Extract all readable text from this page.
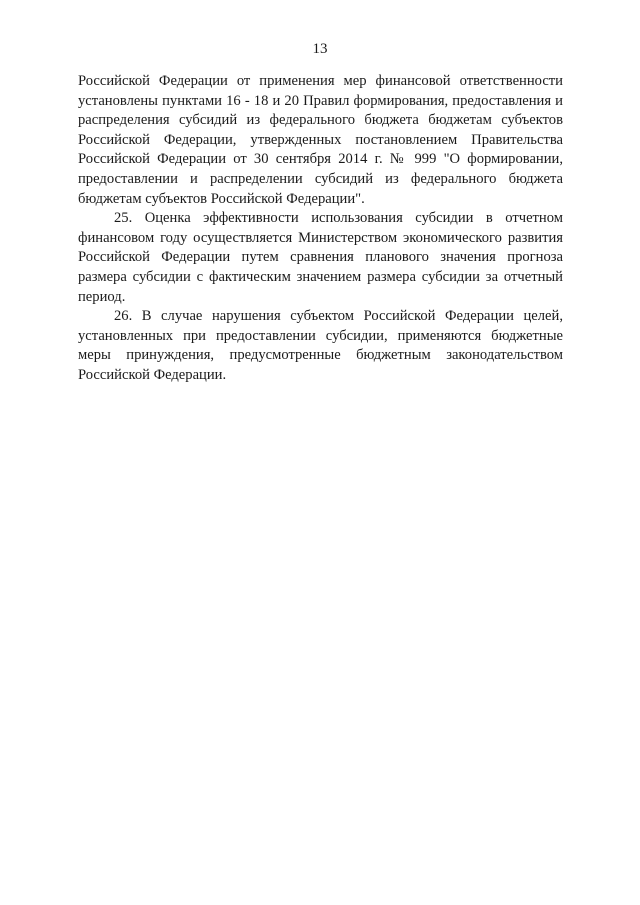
13

Российской Федерации от применения мер финансовой ответственности установлены пунктами 16 - 18 и 20 Правил формирования, предоставления и распределения субсидий из федерального бюджета бюджетам субъектов Российской Федерации, утвержденных постановлением Правительства Российской Федерации от 30 сентября 2014 г. № 999 "О формировании, предоставлении и распределении субсидий из федерального бюджета бюджетам субъектов Российской Федерации".

25. Оценка эффективности использования субсидии в отчетном финансовом году осуществляется Министерством экономического развития Российской Федерации путем сравнения планового значения прогноза размера субсидии с фактическим значением размера субсидии за отчетный период.

26. В случае нарушения субъектом Российской Федерации целей, установленных при предоставлении субсидии, применяются бюджетные меры принуждения, предусмотренные бюджетным законодательством Российской Федерации.
